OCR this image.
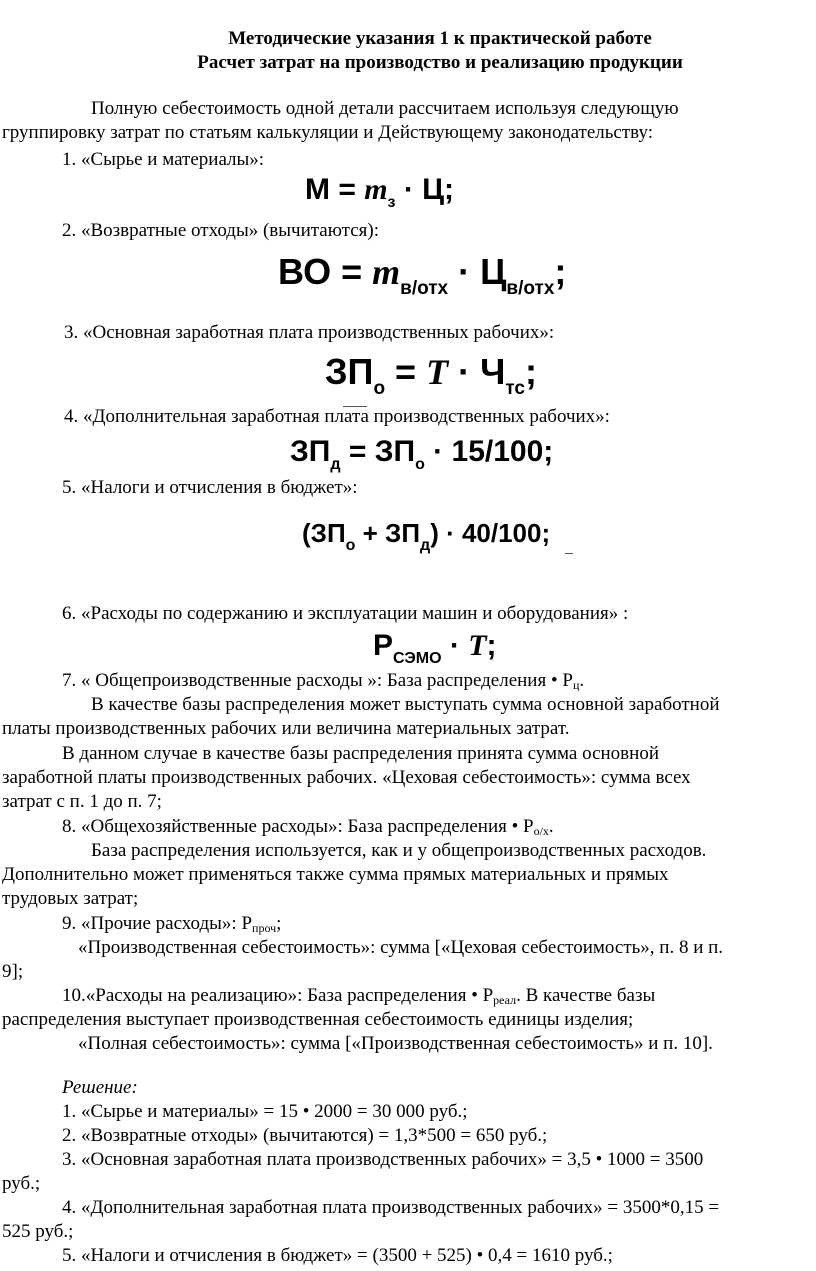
Методические указания 1 к практической работе
Расчет затрат на производство и реализацию продукции
Полную себестоимость одной детали рассчитаем используя следующую
группировку затрат по статьям калькуляции и Действующему законодательству:
1. «Сырье и материалы»:
$М = m_з \cdot Ц$;
2. «Возвратные отходы» (вычитаются):
ВО = $m_{в/отх} \cdot Ц_{в/отх}$;
3. «Основная заработная плата производственных рабочих»:
$ЗП_о = T \cdot Ч_{тс}$;
4. «Дополнительная заработная плата производственных рабочих»:
$ЗП_д = ЗП_о \cdot 15/100$;
5. «Налоги и отчисления в бюджет»:
$(ЗП_о + ЗП_д) \cdot 40/100$;
6. «Расходы по содержанию и эксплуатации машин и оборудования» :
$Р_{СЭМО} \cdot T$;
7. « Общепроизводственные расходы »: База распределения • $Р_ц$.
В качестве базы распределения может выступать сумма основной заработной
платы производственных рабочих или величина материальных затрат.
В данном случае в качестве базы распределения принята сумма основной
заработной платы производственных рабочих. «Цеховая себестоимость»: сумма всех
затрат с п. 1 до п. 7;
8. «Общехозяйственные расходы»: База распределения • $Р_{о/х}$.
База распределения используется, как и у общепроизводственных расходов.
Дополнительно может применяться также сумма прямых материальных и прямых
трудовых затрат;
9. «Прочие расходы»: $Р_{проч}$;
«Производственная себестоимость»: сумма [«Цеховая себестоимость», п. 8 и п.
9];
10.«Расходы на реализацию»: База распределения • $Р_{реал}$. В качестве базы
распределения выступает производственная себестоимость единицы изделия;
«Полная себестоимость»: сумма [«Производственная себестоимость» и п. 10].
Решение:
1. «Сырье и материалы» = 15 • 2000 = 30 000 руб.;
2. «Возвратные отходы» (вычитаются) = 1,3*500 = 650 руб.;
3. «Основная заработная плата производственных рабочих» = 3,5 • 1000 = 3500
руб.;
4. «Дополнительная заработная плата производственных рабочих» = 3500*0,15 =
525 руб.;
5. «Налоги и отчисления в бюджет» = (3500 + 525) • 0,4 = 1610 руб.;
